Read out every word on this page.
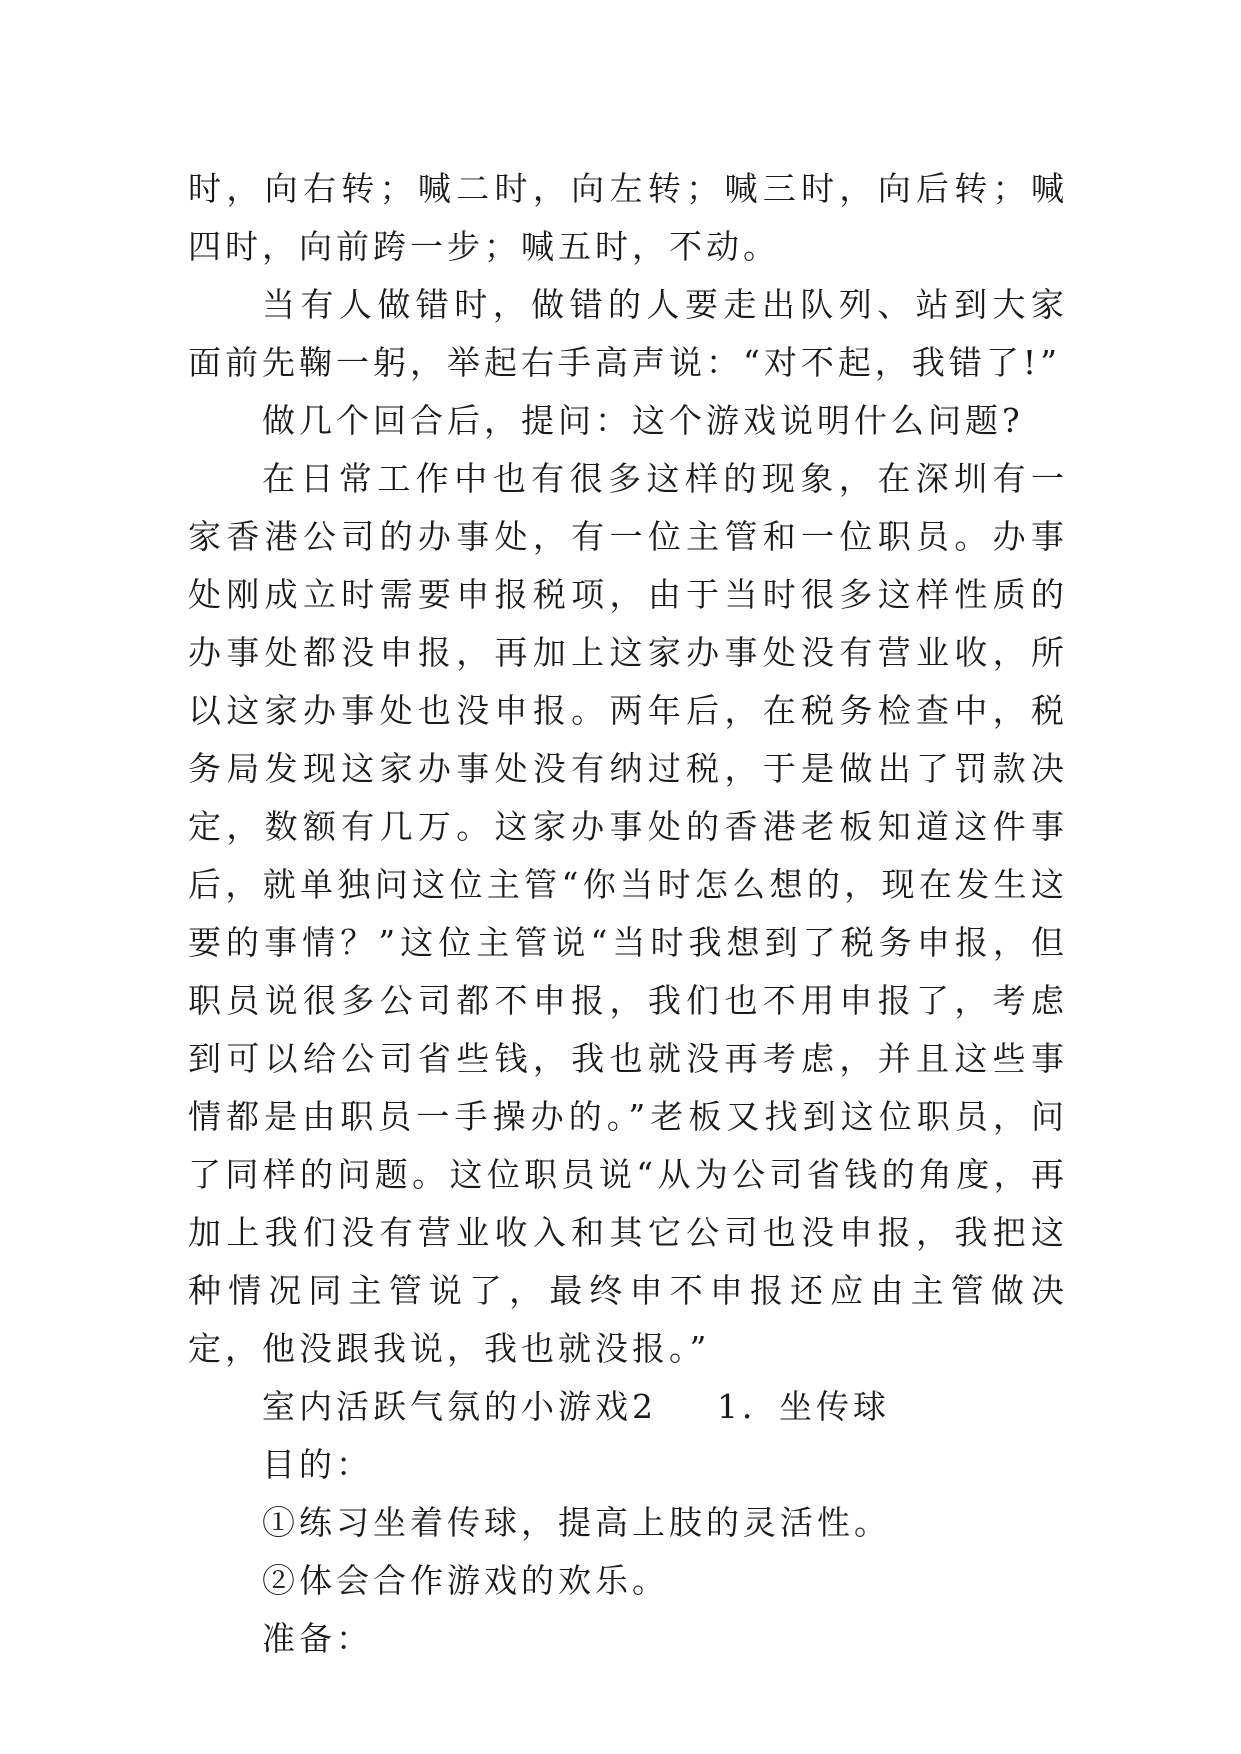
时，向右转；喊二时，向左转；喊三时，向后转；喊四时，向前跨一步；喊五时，不动。

当有人做错时，做错的人要走出队列、站到大家面前先鞠一躬，举起右手高声说：“对不起，我错了!”

做几个回合后，提问：这个游戏说明什么问题?

在日常工作中也有很多这样的现象，在深圳有一家香港公司的办事处，有一位主管和一位职员。办事处刚成立时需要申报税项，由于当时很多这样性质的办事处都没申报，再加上这家办事处没有营业收，所以这家办事处也没申报。两年后，在税务检查中，税务局发现这家办事处没有纳过税，于是做出了罚款决定，数额有几万。这家办事处的香港老板知道这件事后，就单独问这位主管“你当时怎么想的，现在发生这要的事情？”这位主管说“当时我想到了税务申报，但职员说很多公司都不申报，我们也不用申报了，考虑到可以给公司省些钱，我也就没再考虑，并且这些事情都是由职员一手操办的。”老板又找到这位职员，问了同样的问题。这位职员说“从为公司省钱的角度，再加上我们没有营业收入和其它公司也没申报，我把这种情况同主管说了，最终申不申报还应由主管做决定，他没跟我说，我也就没报。”

室内活跃气氛的小游戏2 1．坐传球

目的：

①练习坐着传球，提高上肢的灵活性。

②体会合作游戏的欢乐。

准备：
